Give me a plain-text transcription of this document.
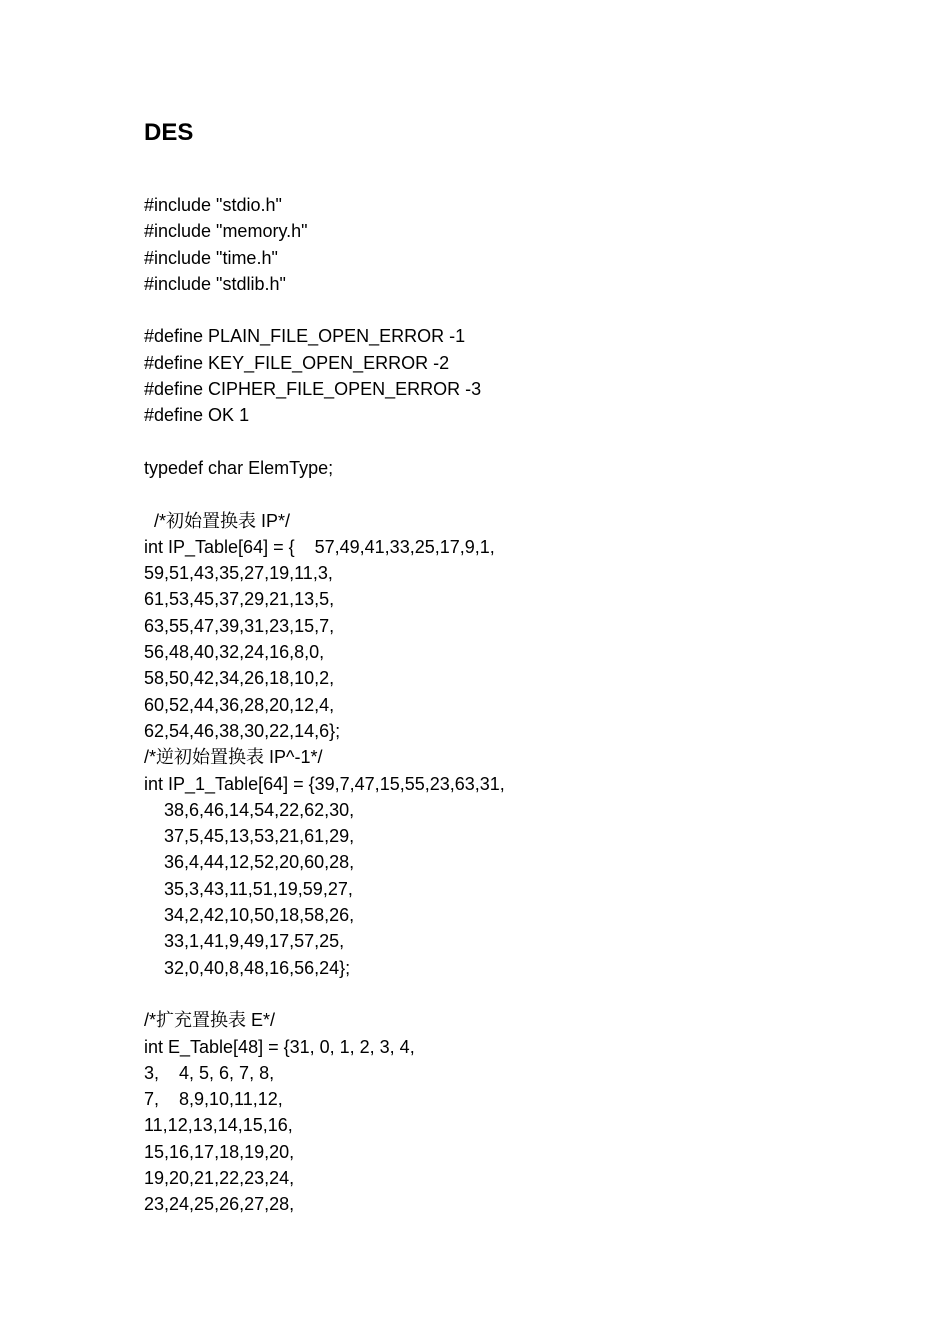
DES
#include "stdio.h"
#include "memory.h"
#include "time.h"
#include "stdlib.h"
#define PLAIN_FILE_OPEN_ERROR -1
#define KEY_FILE_OPEN_ERROR -2
#define CIPHER_FILE_OPEN_ERROR -3
#define OK 1
typedef char ElemType;
/*初始置换表 IP*/
int IP_Table[64] = {    57,49,41,33,25,17,9,1,
59,51,43,35,27,19,11,3,
61,53,45,37,29,21,13,5,
63,55,47,39,31,23,15,7,
56,48,40,32,24,16,8,0,
58,50,42,34,26,18,10,2,
60,52,44,36,28,20,12,4,
62,54,46,38,30,22,14,6};
/*逆初始置换表 IP^-1*/
int IP_1_Table[64] = {39,7,47,15,55,23,63,31,
38,6,46,14,54,22,62,30,
37,5,45,13,53,21,61,29,
36,4,44,12,52,20,60,28,
35,3,43,11,51,19,59,27,
34,2,42,10,50,18,58,26,
33,1,41,9,49,17,57,25,
32,0,40,8,48,16,56,24};
/*扩充置换表 E*/
int E_Table[48] = {31, 0, 1, 2, 3, 4,
3,    4, 5, 6, 7, 8,
7,    8,9,10,11,12,
11,12,13,14,15,16,
15,16,17,18,19,20,
19,20,21,22,23,24,
23,24,25,26,27,28,
